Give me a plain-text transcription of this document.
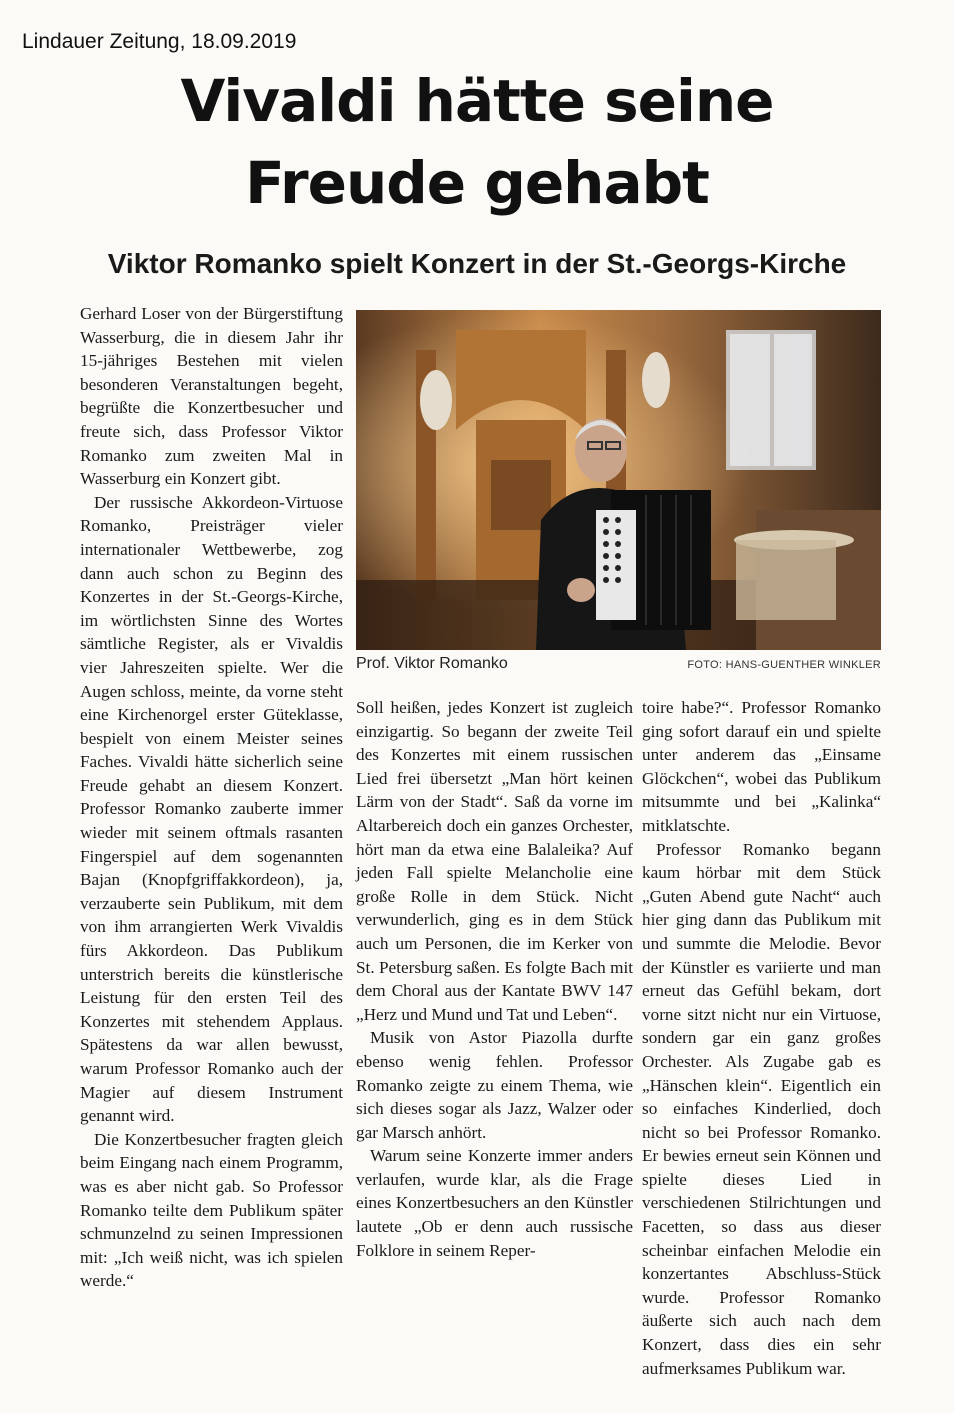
Lindauer Zeitung, 18.09.2019
Vivaldi hätte seine
Freude gehabt
Viktor Romanko spielt Konzert in der St.-Georgs-Kirche

Gerhard Loser von der Bürgerstiftung Wasserburg, die in diesem Jahr ihr 15-jähriges Bestehen mit vielen besonderen Veranstaltungen begeht, begrüßte die Konzertbesucher und freute sich, dass Professor Viktor Romanko zum zweiten Mal in Wasserburg ein Konzert gibt.

Der russische Akkordeon-Virtuose Romanko, Preisträger vieler internationaler Wettbewerbe, zog dann auch schon zu Beginn des Konzertes in der St.-Georgs-Kirche, im wörtlichsten Sinne des Wortes sämtliche Register, als er Vivaldis vier Jahreszeiten spielte. Wer die Augen schloss, meinte, da vorne steht eine Kirchenorgel erster Güteklasse, bespielt von einem Meister seines Faches. Vivaldi hätte sicherlich seine Freude gehabt an diesem Konzert. Professor Romanko zauberte immer wieder mit seinem oftmals rasanten Fingerspiel auf dem sogenannten Bajan (Knopfgriffakkordeon), ja, verzauberte sein Publikum, mit dem von ihm arrangierten Werk Vivaldis fürs Akkordeon. Das Publikum unterstrich bereits die künstlerische Leistung für den ersten Teil des Konzertes mit stehendem Applaus. Spätestens da war allen bewusst, warum Professor Romanko auch der Magier auf diesem Instrument genannt wird.

Die Konzertbesucher fragten gleich beim Eingang nach einem Programm, was es aber nicht gab. So Professor Romanko teilte dem Publikum später schmunzelnd zu seinen Impressionen mit: „Ich weiß nicht, was ich spielen werde.“

Prof. Viktor Romanko	FOTO: HANS-GUENTHER WINKLER

Soll heißen, jedes Konzert ist zugleich einzigartig. So begann der zweite Teil des Konzertes mit einem russischen Lied frei übersetzt „Man hört keinen Lärm von der Stadt“. Saß da vorne im Altarbereich doch ein ganzes Orchester, hört man da etwa eine Balaleika? Auf jeden Fall spielte Melancholie eine große Rolle in dem Stück. Nicht verwunderlich, ging es in dem Stück auch um Personen, die im Kerker von St. Petersburg saßen. Es folgte Bach mit dem Choral aus der Kantate BWV 147 „Herz und Mund und Tat und Leben“.

Musik von Astor Piazolla durfte ebenso wenig fehlen. Professor Romanko zeigte zu einem Thema, wie sich dieses sogar als Jazz, Walzer oder gar Marsch anhört.

Warum seine Konzerte immer anders verlaufen, wurde klar, als die Frage eines Konzertbesuchers an den Künstler lautete „Ob er denn auch russische Folklore in seinem Reper-

toire habe?“. Professor Romanko ging sofort darauf ein und spielte unter anderem das „Einsame Glöckchen“, wobei das Publikum mitsummte und bei „Kalinka“ mitklatschte.

Professor Romanko begann kaum hörbar mit dem Stück „Guten Abend gute Nacht“ auch hier ging dann das Publikum mit und summte die Melodie. Bevor der Künstler es variierte und man erneut das Gefühl bekam, dort vorne sitzt nicht nur ein Virtuose, sondern gar ein ganz großes Orchester. Als Zugabe gab es „Hänschen klein“. Eigentlich ein so einfaches Kinderlied, doch nicht so bei Professor Romanko. Er bewies erneut sein Können und spielte dieses Lied in verschiedenen Stilrichtungen und Facetten, so dass aus dieser scheinbar einfachen Melodie ein konzertantes Abschluss-Stück wurde. Professor Romanko äußerte sich auch nach dem Konzert, dass dies ein sehr aufmerksames Publikum war.
